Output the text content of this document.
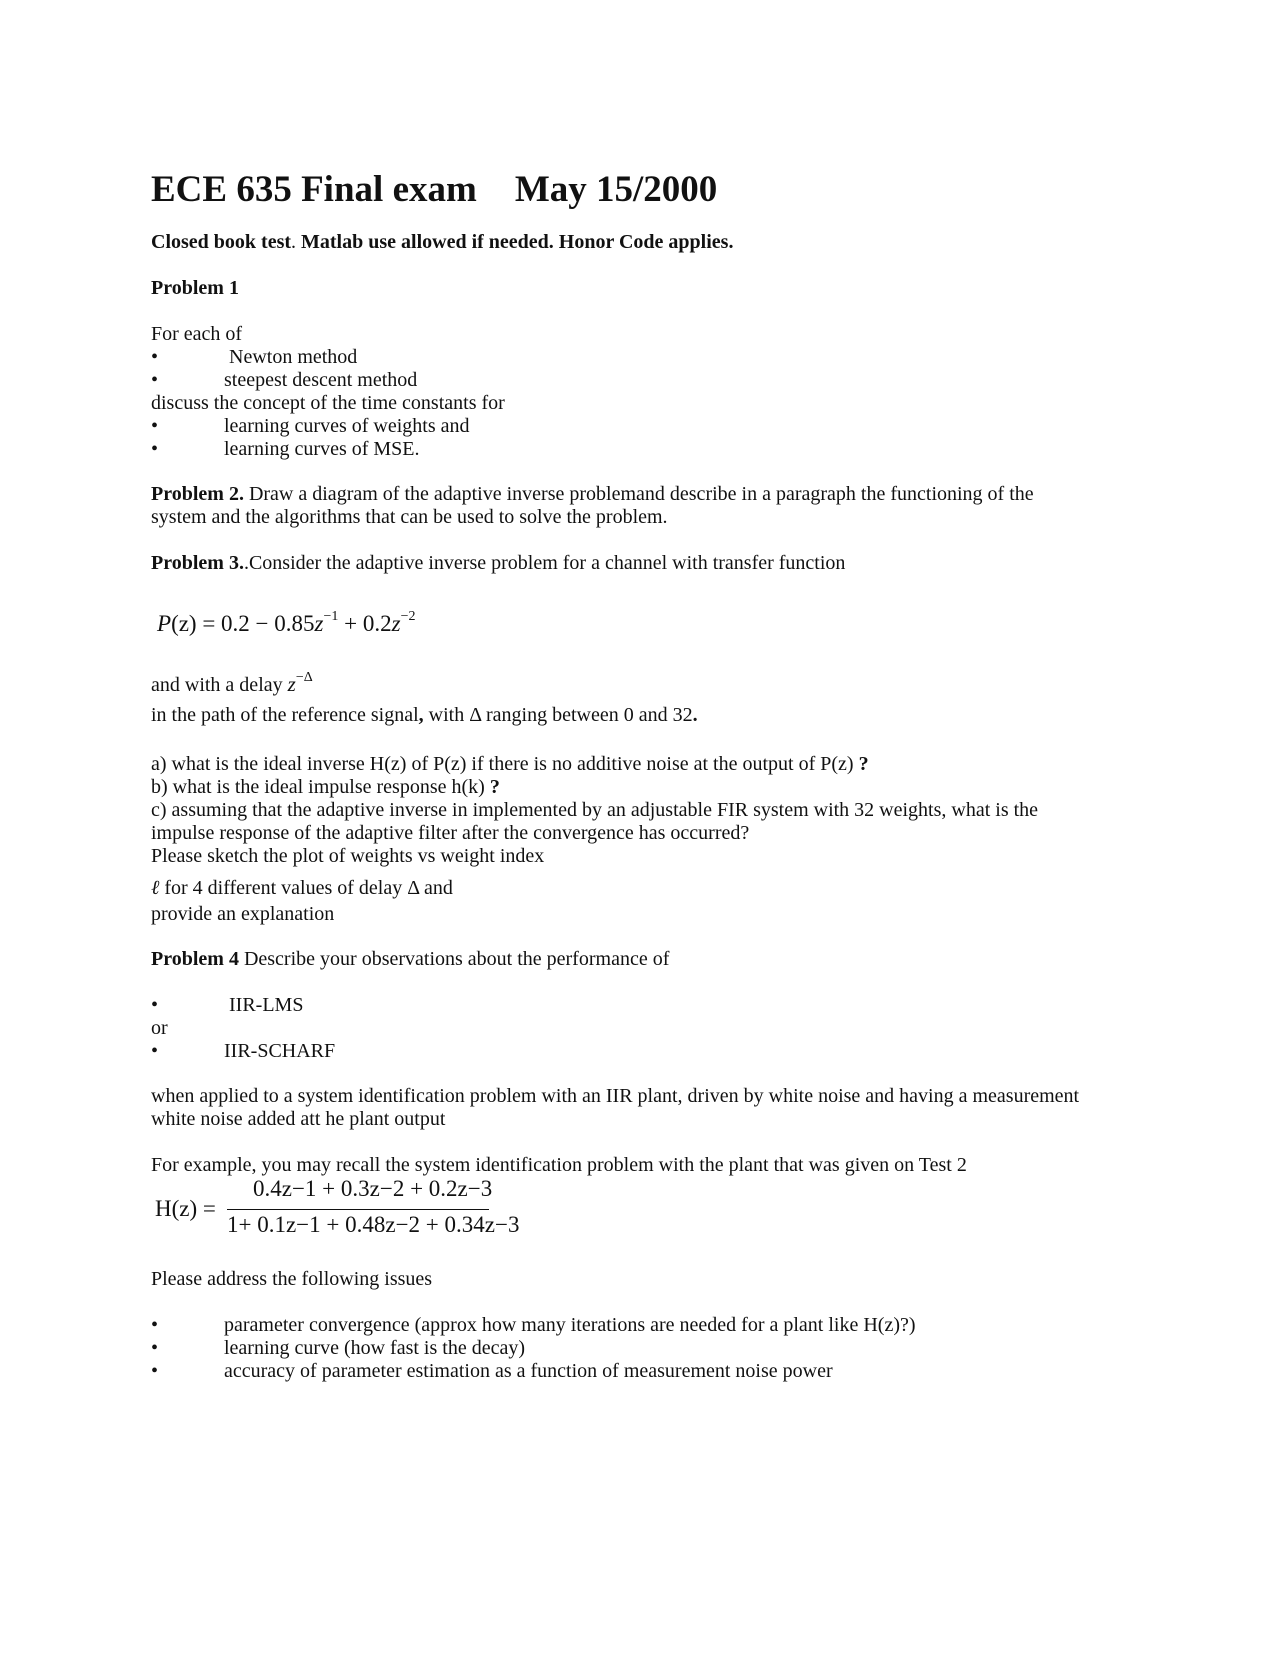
ECE 635 Final exam May 15/2000
Closed book test. Matlab use allowed if needed. Honor Code applies.
Problem 1
For each of
•	Newton method
•	steepest descent method
discuss the concept of the time constants for
•	learning curves of weights and
•	learning curves of MSE.
Problem 2. Draw a diagram of the adaptive inverse problemand describe in a paragraph the functioning of the
system and the algorithms that can be used to solve the problem.
Problem 3..Consider the adaptive inverse problem for a channel with transfer function
$P(z) = 0.2 - 0.85z^{-1} + 0.2z^{-2}$
and with a delay $z^{-\Delta}$
in the path of the reference signal, with Δ ranging between 0 and 32.
a) what is the ideal inverse H(z) of P(z) if there is no additive noise at the output of P(z) ?
b) what is the ideal impulse response h(k) ?
c) assuming that the adaptive inverse in implemented by an adjustable FIR system with 32 weights, what is the
impulse response of the adaptive filter after the convergence has occurred?
Please sketch the plot of weights vs weight index
ℓ for 4 different values of delay Δ and
provide an explanation
Problem 4 Describe your observations about the performance of
•	IIR-LMS
or
•	IIR-SCHARF
when applied to a system identification problem with an IIR plant, driven by white noise and having a measurement
white noise added att he plant output
For example, you may recall the system identification problem with the plant that was given on Test 2
H(z) =
0.4z−1 + 0.3z−2 + 0.2z−3
1+ 0.1z−1 + 0.48z−2 + 0.34z−3
Please address the following issues
•	parameter convergence (approx how many iterations are needed for a plant like H(z)?)
•	learning curve (how fast is the decay)
•	accuracy of parameter estimation as a function of measurement noise power
